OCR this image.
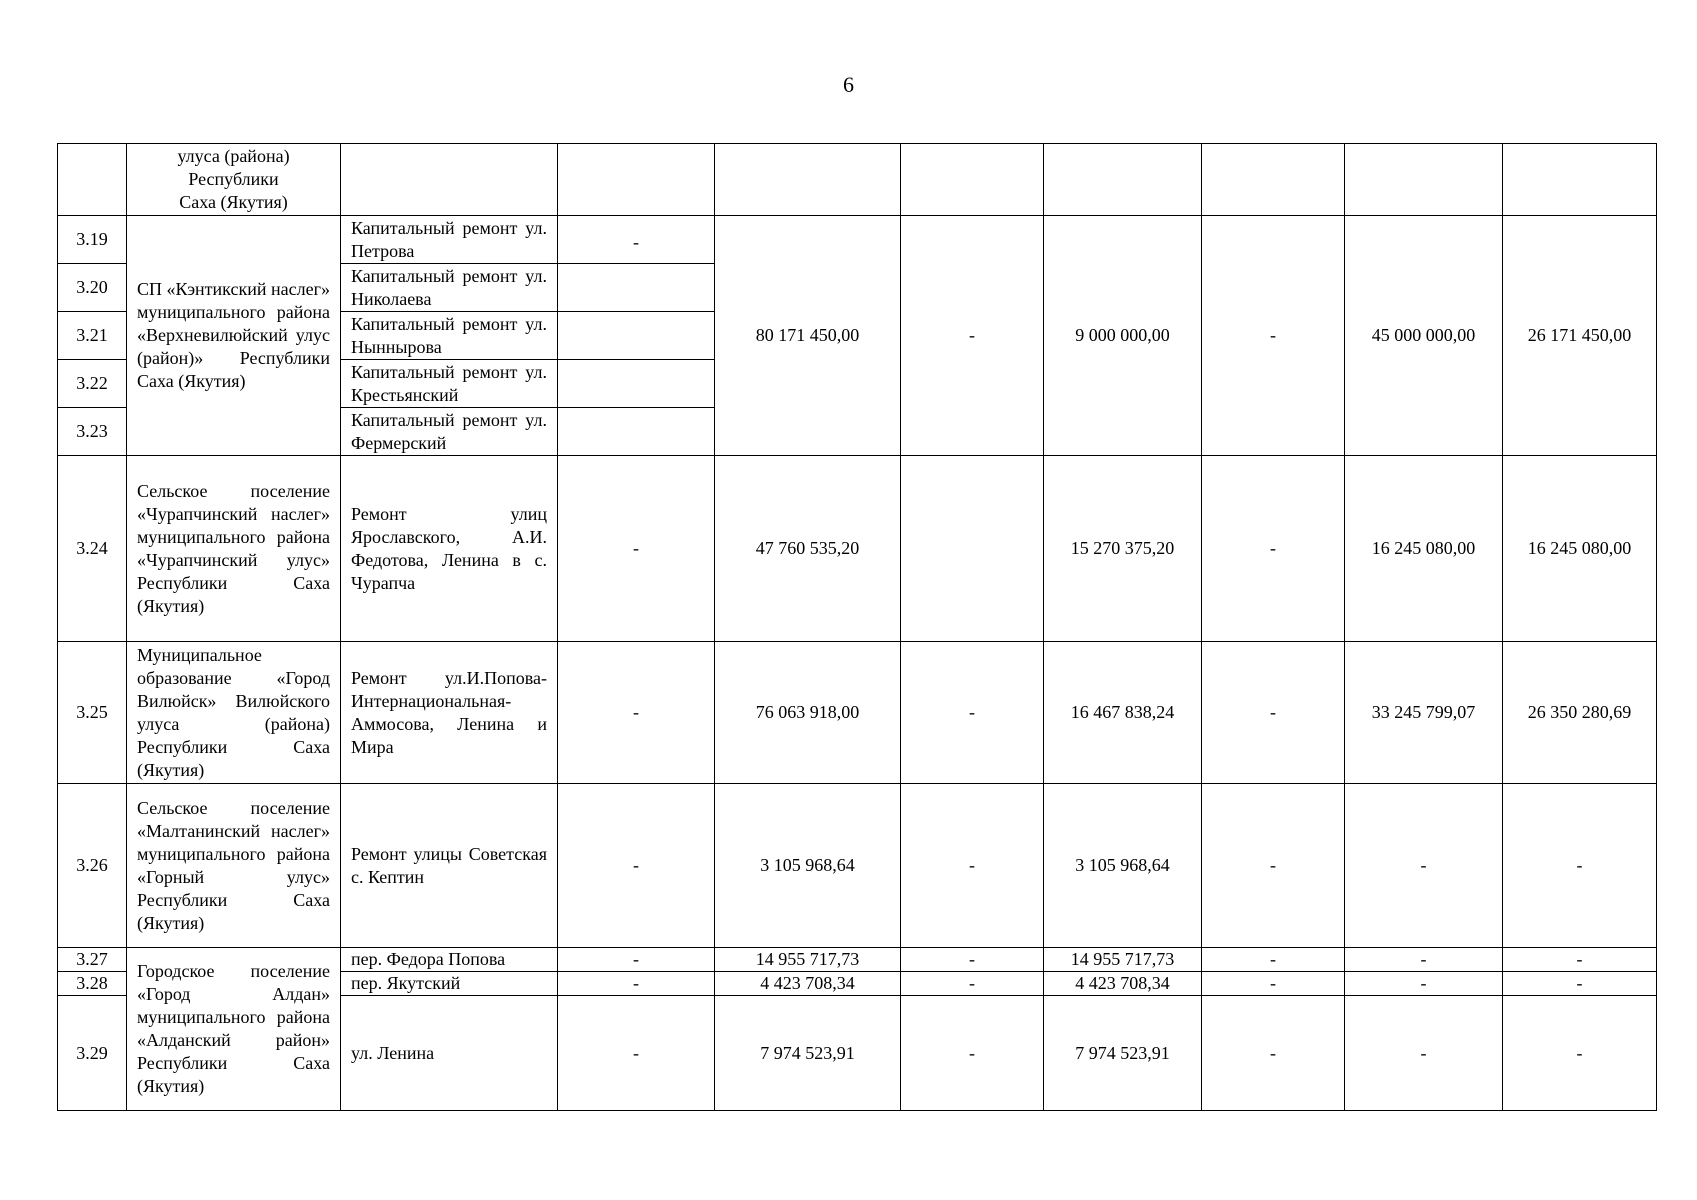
6
	улуса (района)
Республики
Саха (Якутия)								
3.19	СП «Кэнтикский наслег» муниципального района «Верхневилюйский улус (район)» Республики Саха (Якутия)	Капитальный ремонт ул. Петрова	-	80 171 450,00	-	9 000 000,00	-	45 000 000,00	26 171 450,00
3.20		Капитальный ремонт ул. Николаева							
3.21		Капитальный ремонт ул. Ныннырова							
3.22		Капитальный ремонт ул. Крестьянский							
3.23		Капитальный ремонт ул. Фермерский							
3.24	Сельское поселение «Чурапчинский наслег» муниципального района «Чурапчинский улус» Республики Саха (Якутия)	Ремонт улиц Ярославского, А.И. Федотова, Ленина в с. Чурапча	-	47 760 535,20		15 270 375,20	-	16 245 080,00	16 245 080,00
3.25	Муниципальное образование «Город Вилюйск» Вилюйского улуса (района) Республики Саха (Якутия)	Ремонт ул.И.Попова-Интернациональная-Аммосова, Ленина и Мира	-	76 063 918,00	-	16 467 838,24	-	33 245 799,07	26 350 280,69
3.26	Сельское поселение «Малтанинский наслег» муниципального района «Горный улус» Республики Саха (Якутия)	Ремонт улицы Советская с. Кептин	-	3 105 968,64	-	3 105 968,64	-	-	-
3.27	Городское поселение «Город Алдан» муниципального района «Алданский район» Республики Саха (Якутия)	пер. Федора Попова	-	14 955 717,73	-	14 955 717,73	-	-	-
3.28		пер. Якутский	-	4 423 708,34	-	4 423 708,34	-	-	-
3.29		ул. Ленина	-	7 974 523,91	-	7 974 523,91	-	-	-
